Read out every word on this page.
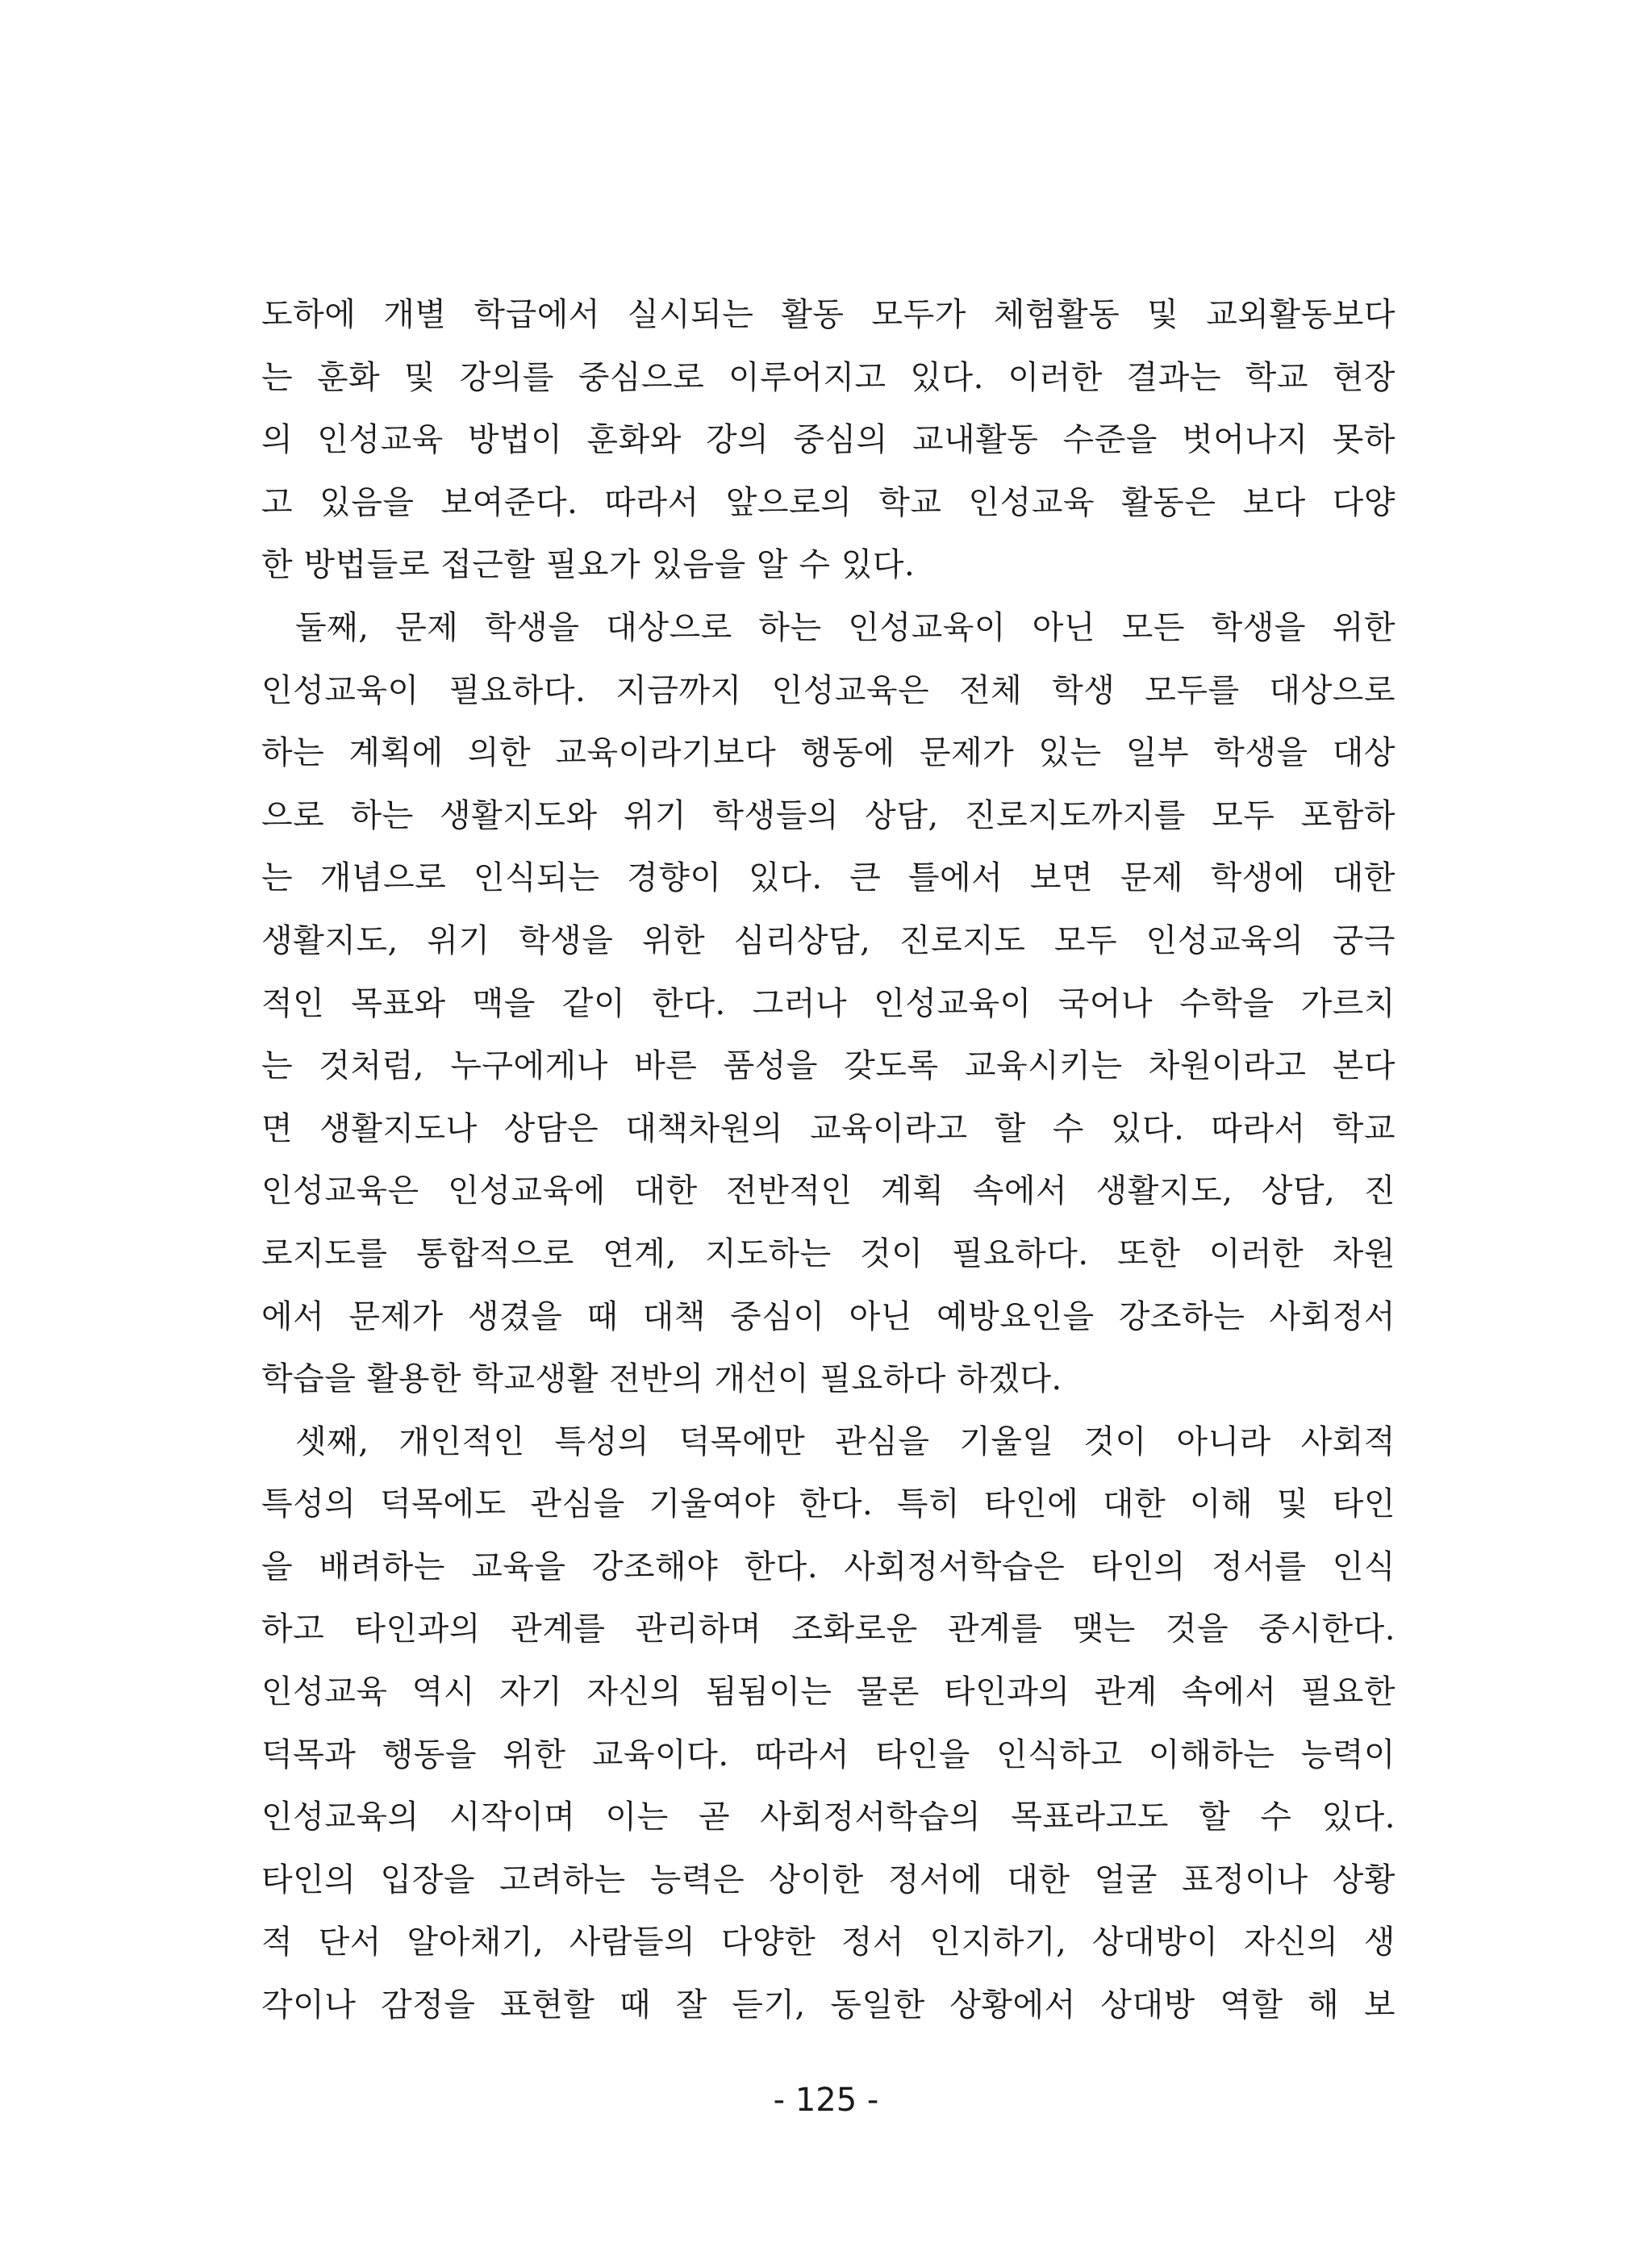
도하에 개별 학급에서 실시되는 활동 모두가 체험활동 및 교외활동보다
는 훈화 및 강의를 중심으로 이루어지고 있다. 이러한 결과는 학교 현장
의 인성교육 방법이 훈화와 강의 중심의 교내활동 수준을 벗어나지 못하
고 있음을 보여준다. 따라서 앞으로의 학교 인성교육 활동은 보다 다양
한 방법들로 접근할 필요가 있음을 알 수 있다.
둘째, 문제 학생을 대상으로 하는 인성교육이 아닌 모든 학생을 위한
인성교육이 필요하다. 지금까지 인성교육은 전체 학생 모두를 대상으로
하는 계획에 의한 교육이라기보다 행동에 문제가 있는 일부 학생을 대상
으로 하는 생활지도와 위기 학생들의 상담, 진로지도까지를 모두 포함하
는 개념으로 인식되는 경향이 있다. 큰 틀에서 보면 문제 학생에 대한
생활지도, 위기 학생을 위한 심리상담, 진로지도 모두 인성교육의 궁극
적인 목표와 맥을 같이 한다. 그러나 인성교육이 국어나 수학을 가르치
는 것처럼, 누구에게나 바른 품성을 갖도록 교육시키는 차원이라고 본다
면 생활지도나 상담은 대책차원의 교육이라고 할 수 있다. 따라서 학교
인성교육은 인성교육에 대한 전반적인 계획 속에서 생활지도, 상담, 진
로지도를 통합적으로 연계, 지도하는 것이 필요하다. 또한 이러한 차원
에서 문제가 생겼을 때 대책 중심이 아닌 예방요인을 강조하는 사회정서
학습을 활용한 학교생활 전반의 개선이 필요하다 하겠다.
셋째, 개인적인 특성의 덕목에만 관심을 기울일 것이 아니라 사회적
특성의 덕목에도 관심을 기울여야 한다. 특히 타인에 대한 이해 및 타인
을 배려하는 교육을 강조해야 한다. 사회정서학습은 타인의 정서를 인식
하고 타인과의 관계를 관리하며 조화로운 관계를 맺는 것을 중시한다.
인성교육 역시 자기 자신의 됨됨이는 물론 타인과의 관계 속에서 필요한
덕목과 행동을 위한 교육이다. 따라서 타인을 인식하고 이해하는 능력이
인성교육의 시작이며 이는 곧 사회정서학습의 목표라고도 할 수 있다.
타인의 입장을 고려하는 능력은 상이한 정서에 대한 얼굴 표정이나 상황
적 단서 알아채기, 사람들의 다양한 정서 인지하기, 상대방이 자신의 생
각이나 감정을 표현할 때 잘 듣기, 동일한 상황에서 상대방 역할 해 보
- 125 -
